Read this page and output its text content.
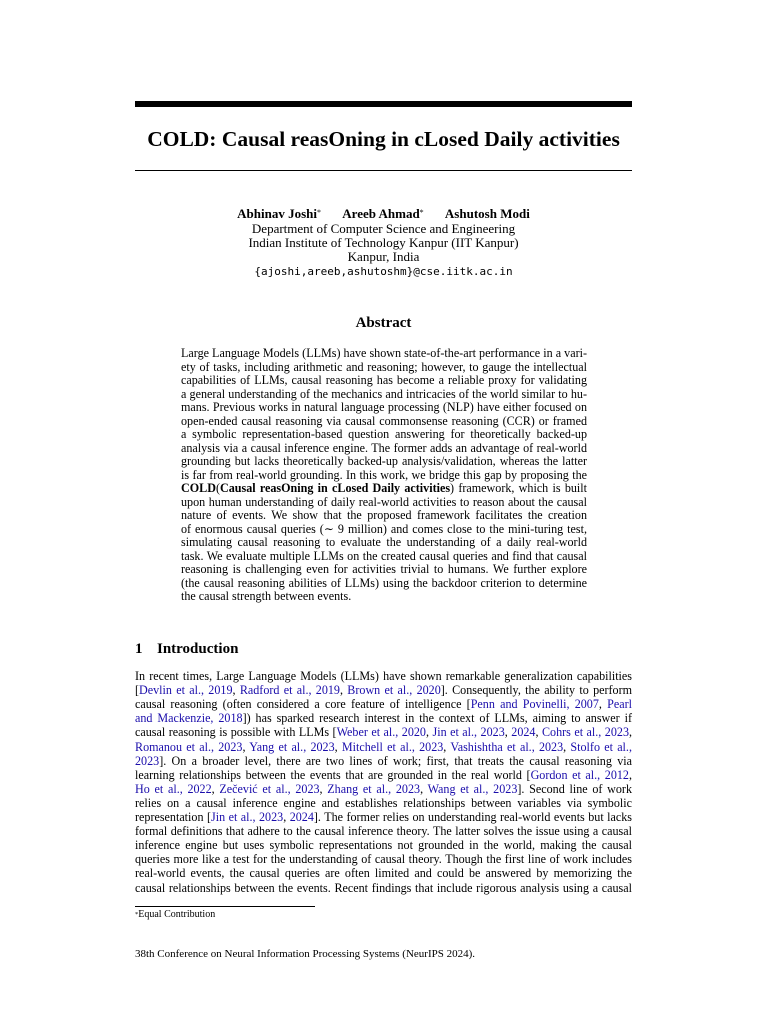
COLD: Causal reasOning in cLosed Daily activities
Abhinav Joshi* Areeb Ahmad* Ashutosh Modi
Department of Computer Science and Engineering
Indian Institute of Technology Kanpur (IIT Kanpur)
Kanpur, India
{ajoshi,areeb,ashutoshm}@cse.iitk.ac.in
Abstract
Large Language Models (LLMs) have shown state-of-the-art performance in a vari-
ety of tasks, including arithmetic and reasoning; however, to gauge the intellectual
capabilities of LLMs, causal reasoning has become a reliable proxy for validating
a general understanding of the mechanics and intricacies of the world similar to hu-
mans. Previous works in natural language processing (NLP) have either focused on
open-ended causal reasoning via causal commonsense reasoning (CCR) or framed
a symbolic representation-based question answering for theoretically backed-up
analysis via a causal inference engine. The former adds an advantage of real-world
grounding but lacks theoretically backed-up analysis/validation, whereas the latter
is far from real-world grounding. In this work, we bridge this gap by proposing the
COLD(Causal reasOning in cLosed Daily activities) framework, which is built
upon human understanding of daily real-world activities to reason about the causal
nature of events. We show that the proposed framework facilitates the creation
of enormous causal queries (∼ 9 million) and comes close to the mini-turing test,
simulating causal reasoning to evaluate the understanding of a daily real-world
task. We evaluate multiple LLMs on the created causal queries and find that causal
reasoning is challenging even for activities trivial to humans. We further explore
(the causal reasoning abilities of LLMs) using the backdoor criterion to determine
the causal strength between events.
1 Introduction
In recent times, Large Language Models (LLMs) have shown remarkable generalization capabilities
[Devlin et al., 2019, Radford et al., 2019, Brown et al., 2020]. Consequently, the ability to perform
causal reasoning (often considered a core feature of intelligence [Penn and Povinelli, 2007, Pearl
and Mackenzie, 2018]) has sparked research interest in the context of LLMs, aiming to answer if
causal reasoning is possible with LLMs [Weber et al., 2020, Jin et al., 2023, 2024, Cohrs et al., 2023,
Romanou et al., 2023, Yang et al., 2023, Mitchell et al., 2023, Vashishtha et al., 2023, Stolfo et al.,
2023]. On a broader level, there are two lines of work; first, that treats the causal reasoning via
learning relationships between the events that are grounded in the real world [Gordon et al., 2012,
Ho et al., 2022, Zečević et al., 2023, Zhang et al., 2023, Wang et al., 2023]. Second line of work
relies on a causal inference engine and establishes relationships between variables via symbolic
representation [Jin et al., 2023, 2024]. The former relies on understanding real-world events but lacks
formal definitions that adhere to the causal inference theory. The latter solves the issue using a causal
inference engine but uses symbolic representations not grounded in the world, making the causal
queries more like a test for the understanding of causal theory. Though the first line of work includes
real-world events, the causal queries are often limited and could be answered by memorizing the
causal relationships between the events. Recent findings that include rigorous analysis using a causal
*Equal Contribution
38th Conference on Neural Information Processing Systems (NeurIPS 2024).
